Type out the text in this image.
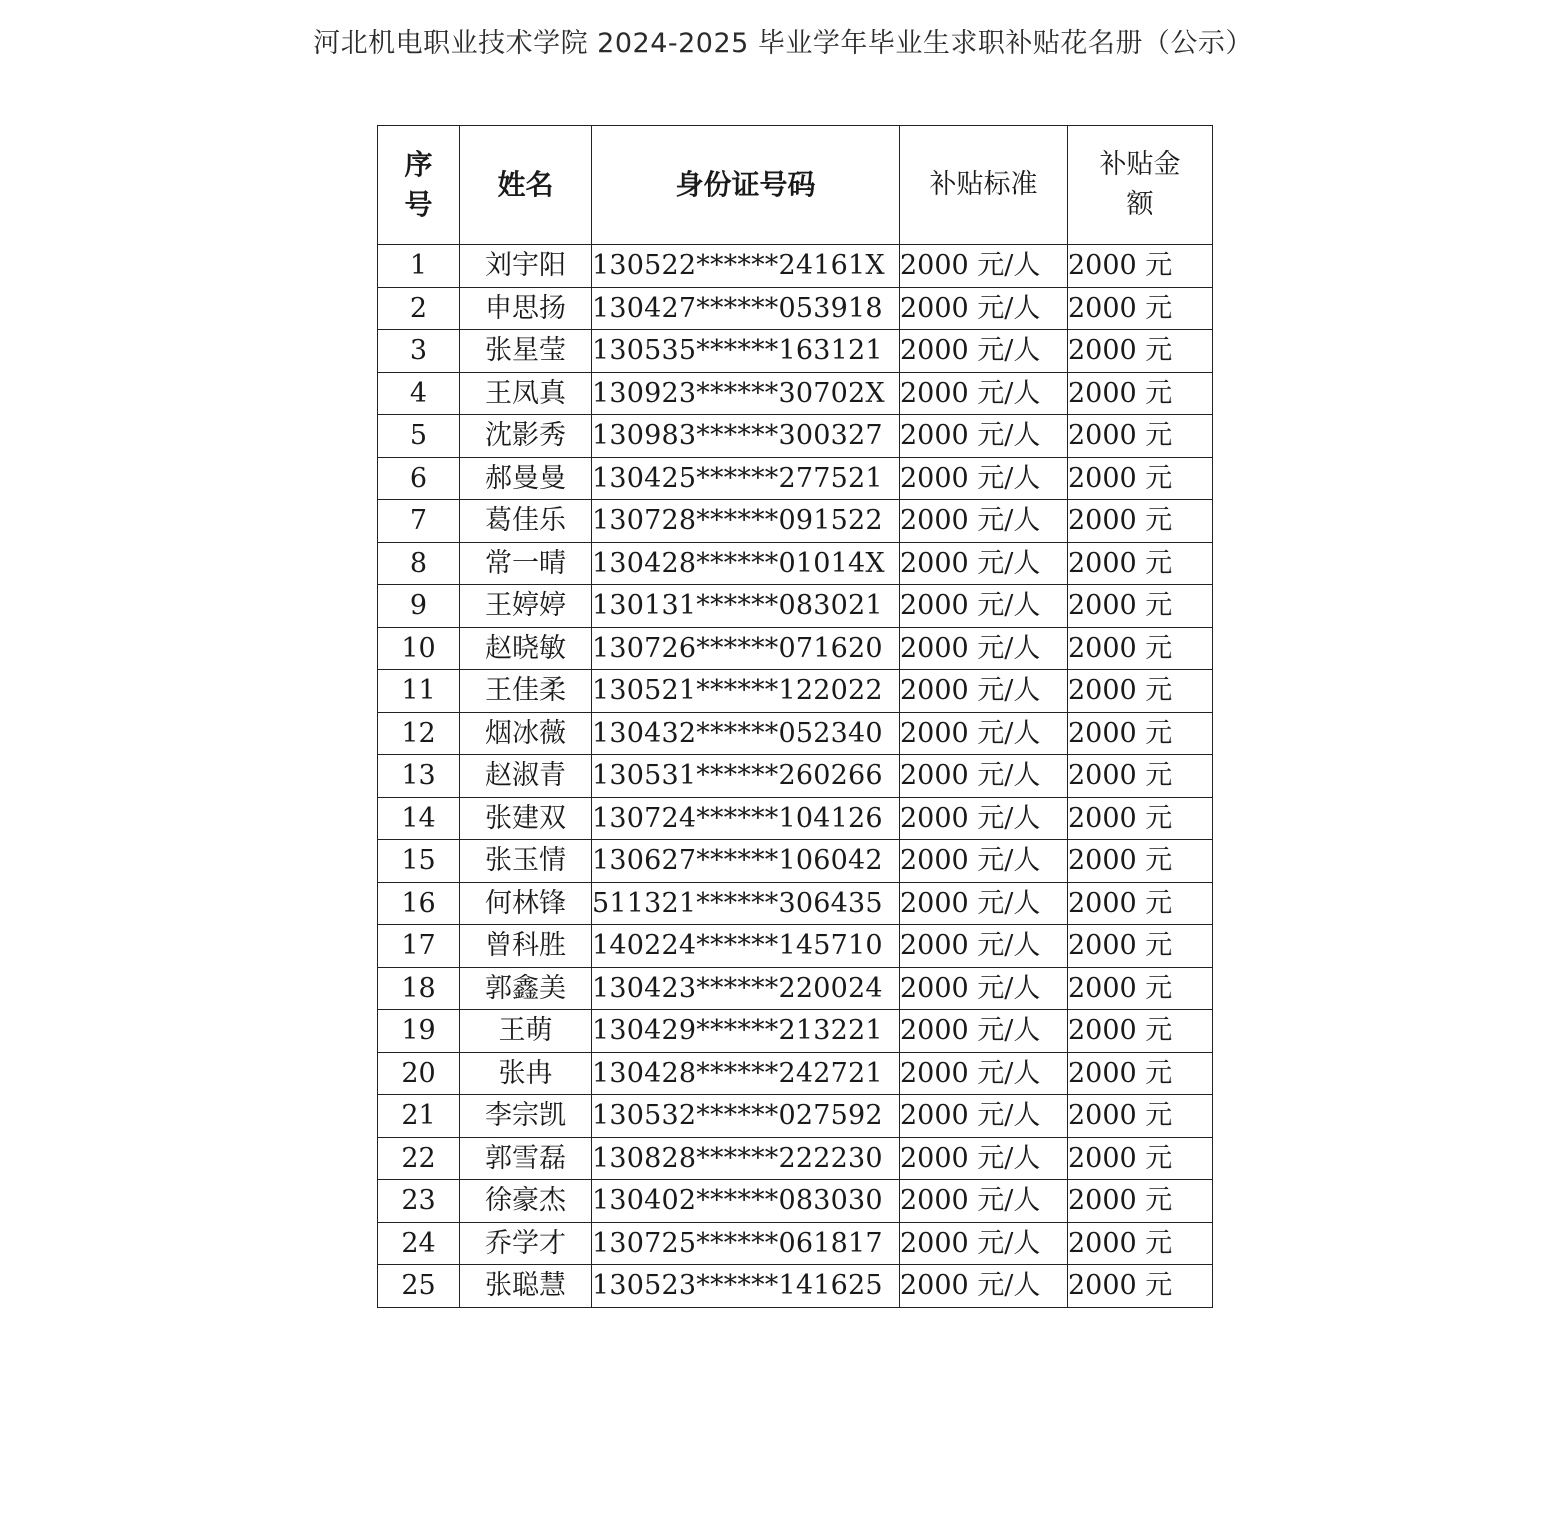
河北机电职业技术学院 2024-2025 毕业学年毕业生求职补贴花名册（公示）
序号	姓名	身份证号码	补贴标准	补贴金额
1	刘宇阳	130522******24161X	2000 元/人	2000 元
2	申思扬	130427******053918	2000 元/人	2000 元
3	张星莹	130535******163121	2000 元/人	2000 元
4	王凤真	130923******30702X	2000 元/人	2000 元
5	沈影秀	130983******300327	2000 元/人	2000 元
6	郝曼曼	130425******277521	2000 元/人	2000 元
7	葛佳乐	130728******091522	2000 元/人	2000 元
8	常一晴	130428******01014X	2000 元/人	2000 元
9	王婷婷	130131******083021	2000 元/人	2000 元
10	赵晓敏	130726******071620	2000 元/人	2000 元
11	王佳柔	130521******122022	2000 元/人	2000 元
12	烟冰薇	130432******052340	2000 元/人	2000 元
13	赵淑青	130531******260266	2000 元/人	2000 元
14	张建双	130724******104126	2000 元/人	2000 元
15	张玉情	130627******106042	2000 元/人	2000 元
16	何林锋	511321******306435	2000 元/人	2000 元
17	曾科胜	140224******145710	2000 元/人	2000 元
18	郭鑫美	130423******220024	2000 元/人	2000 元
19	王萌	130429******213221	2000 元/人	2000 元
20	张冉	130428******242721	2000 元/人	2000 元
21	李宗凯	130532******027592	2000 元/人	2000 元
22	郭雪磊	130828******222230	2000 元/人	2000 元
23	徐豪杰	130402******083030	2000 元/人	2000 元
24	乔学才	130725******061817	2000 元/人	2000 元
25	张聪慧	130523******141625	2000 元/人	2000 元
